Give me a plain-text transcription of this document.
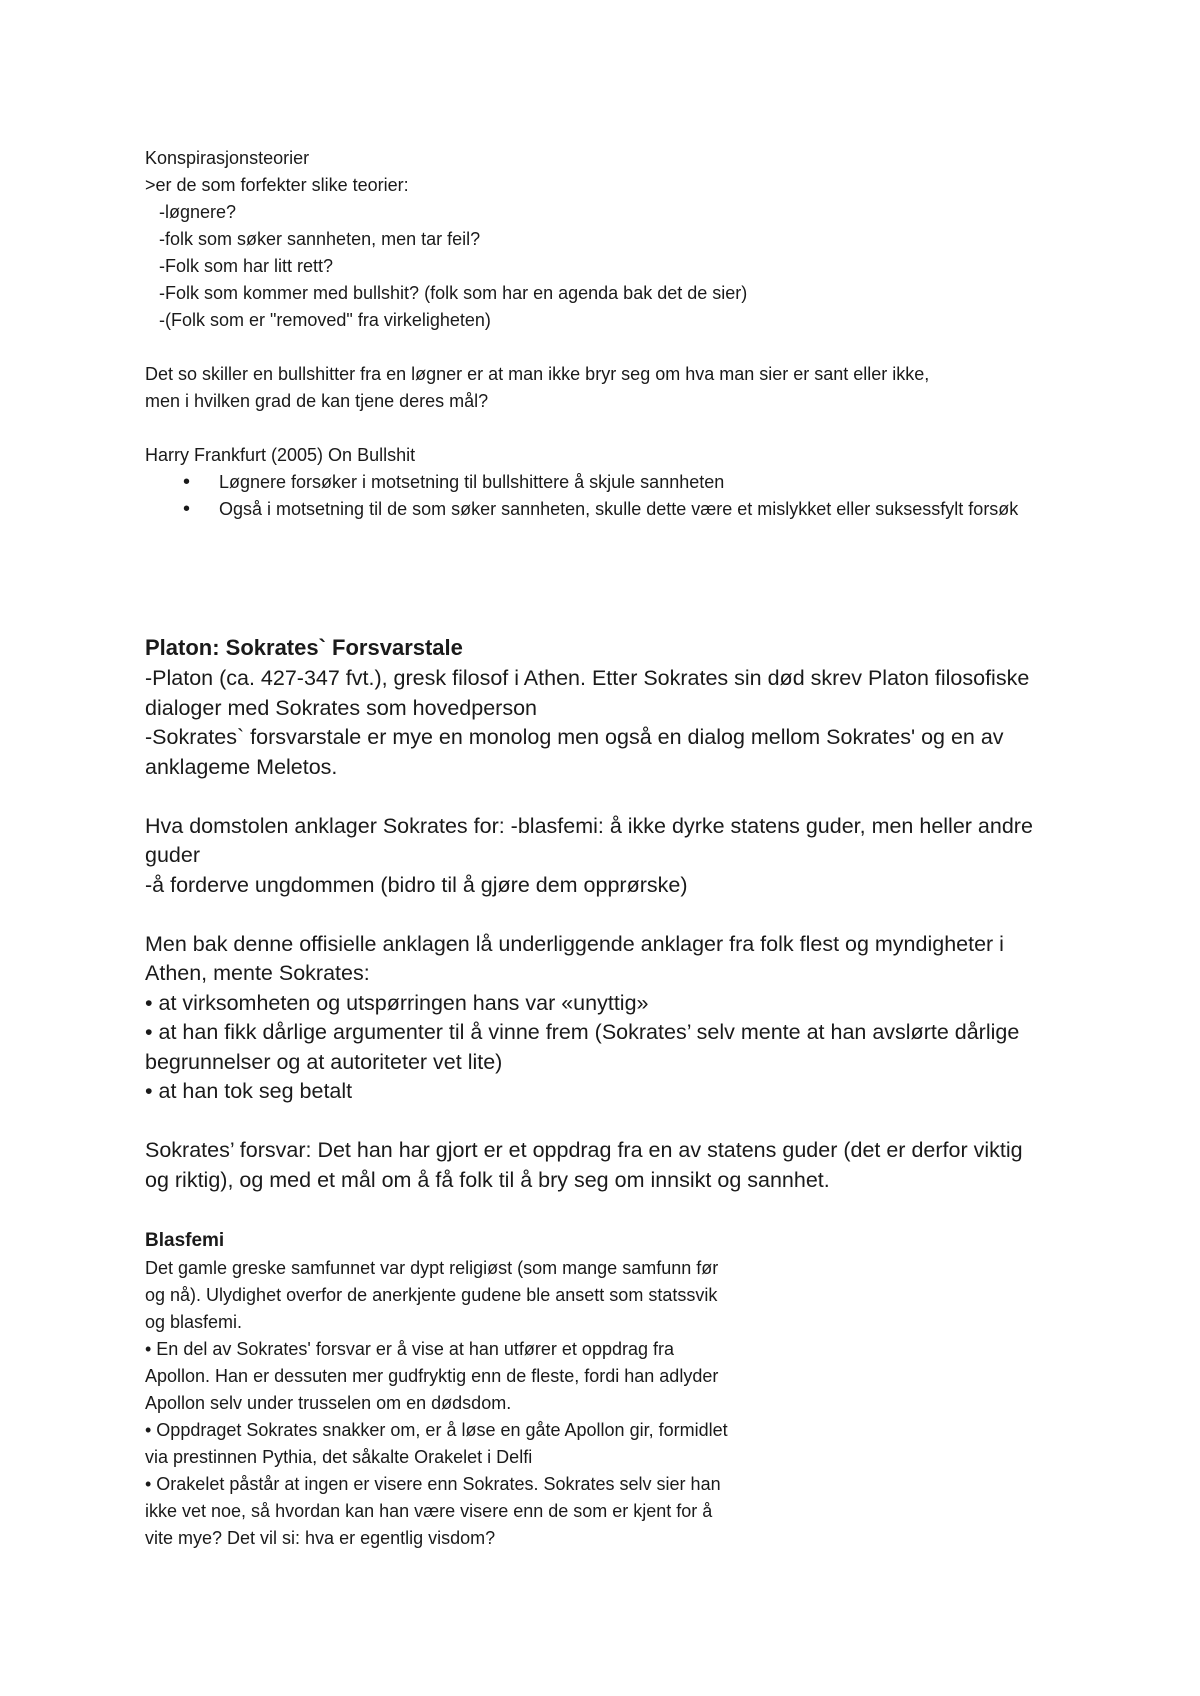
Konspirasjonsteorier

>er de som forfekter slike teorier:

-løgnere?

-folk som søker sannheten, men tar feil?

-Folk som har litt rett?

-Folk som kommer med bullshit? (folk som har en agenda bak det de sier)

-(Folk som er "removed" fra virkeligheten)

Det so skiller en bullshitter fra en løgner er at man ikke bryr seg om hva man sier er sant eller ikke,

men i hvilken grad de kan tjene deres mål?

Harry Frankfurt (2005) On Bullshit

• Løgnere forsøker i motsetning til bullshittere å skjule sannheten
• Også i motsetning til de som søker sannheten, skulle dette være et mislykket eller suksessfylt forsøk
Platon: Sokrates` Forsvarstale

-Platon (ca. 427-347 fvt.), gresk filosof i Athen. Etter Sokrates sin død skrev Platon filosofiske

dialoger med Sokrates som hovedperson

-Sokrates` forsvarstale er mye en monolog men også en dialog mellom Sokrates' og en av

anklageme Meletos.

Hva domstolen anklager Sokrates for: -blasfemi: å ikke dyrke statens guder, men heller andre

guder

-å forderve ungdommen (bidro til å gjøre dem opprørske)

Men bak denne offisielle anklagen lå underliggende anklager fra folk flest og myndigheter i

Athen, mente Sokrates:

• at virksomheten og utspørringen hans var «unyttig»

• at han fikk dårlige argumenter til å vinne frem (Sokrates’ selv mente at han avslørte dårlige

begrunnelser og at autoriteter vet lite)

• at han tok seg betalt

Sokrates’ forsvar: Det han har gjort er et oppdrag fra en av statens guder (det er derfor viktig

og riktig), og med et mål om å få folk til å bry seg om innsikt og sannhet.

Blasfemi

Det gamle greske samfunnet var dypt religiøst (som mange samfunn før

og nå). Ulydighet overfor de anerkjente gudene ble ansett som statssvik

og blasfemi.

• En del av Sokrates' forsvar er å vise at han utfører et oppdrag fra

Apollon. Han er dessuten mer gudfryktig enn de fleste, fordi han adlyder

Apollon selv under trusselen om en dødsdom.

• Oppdraget Sokrates snakker om, er å løse en gåte Apollon gir, formidlet

via prestinnen Pythia, det såkalte Orakelet i Delfi

• Orakelet påstår at ingen er visere enn Sokrates. Sokrates selv sier han

ikke vet noe, så hvordan kan han være visere enn de som er kjent for å

vite mye? Det vil si: hva er egentlig visdom?
